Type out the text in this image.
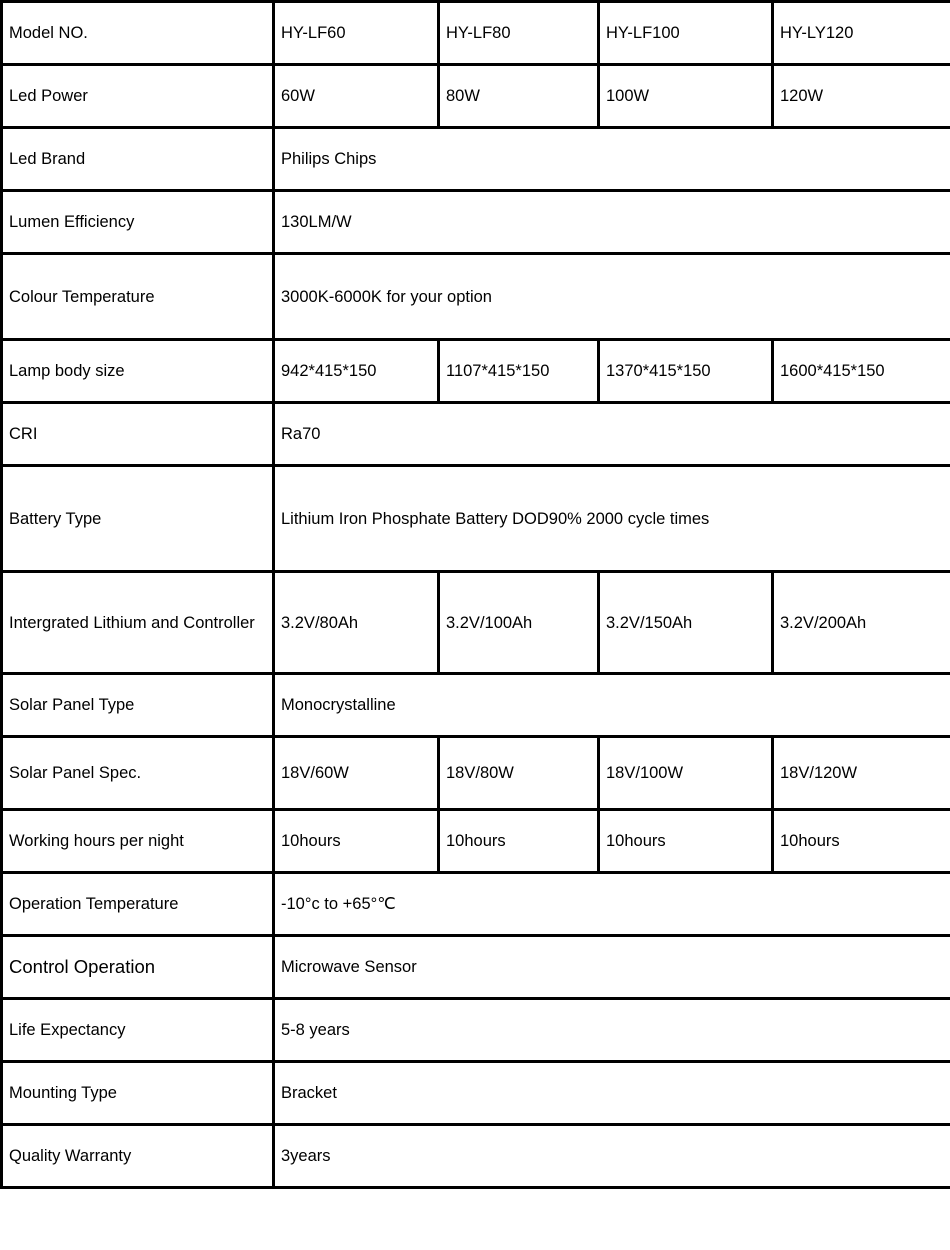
Model NO.	HY-LF60	HY-LF80	HY-LF100	HY-LY120
Led Power	60W	80W	100W	120W
Led Brand	Philips Chips			
Lumen Efficiency	130LM/W			
Colour Temperature	3000K-6000K for your option			
Lamp body size	942*415*150	1107*415*150	1370*415*150	1600*415*150
CRI	Ra70			
Battery Type	Lithium Iron Phosphate Battery DOD90% 2000 cycle times			
Intergrated Lithium and Controller	3.2V/80Ah	3.2V/100Ah	3.2V/150Ah	3.2V/200Ah
Solar Panel Type	Monocrystalline			
Solar Panel Spec.	18V/60W	18V/80W	18V/100W	18V/120W
Working hours per night	10hours	10hours	10hours	10hours
Operation Temperature	-10°c to +65°℃			
Control Operation	Microwave Sensor			
Life Expectancy	5-8 years			
Mounting Type	Bracket			
Quality Warranty	3years			
